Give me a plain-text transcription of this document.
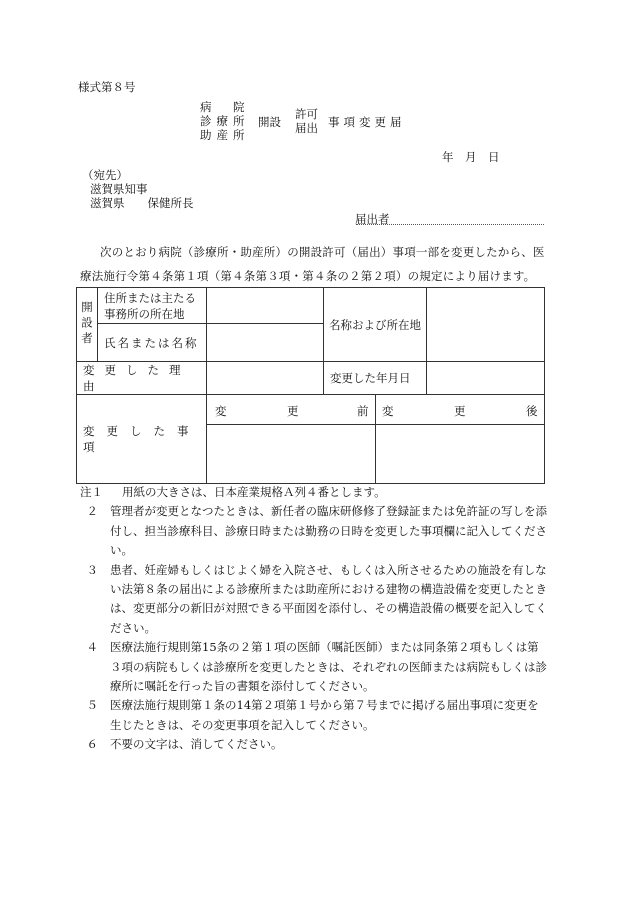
様式第８号
病　院
診療所
助産所
開設
許可
届出 事項変更届
年　月　日
（宛先）
滋賀県知事
滋賀県　　保健所長
届出者
次のとおり病院（診療所・助産所）の開設許可（届出）事項一部を変更したから、医
療法施行令第４条第１項（第４条第３項・第４条の２第２項）の規定により届けます。
開設者	住所または主たる事務所の所在地		名称および所在地		
	氏名または名称				
変更した理由			変更した年月日		
変更した事項		変 更 前		変 更 後	

注１	用紙の大きさは、日本産業規格Ａ列４番とします。
２	管理者が変更となつたときは、新任者の臨床研修修了登録証または免許証の写しを添付し、担当診療科目、診療日時または勤務の日時を変更した事項欄に記入してください。
３	患者、妊産婦もしくはじよく婦を入院させ、もしくは入所させるための施設を有しない法第８条の届出による診療所または助産所における建物の構造設備を変更したときは、変更部分の新旧が対照できる平面図を添付し、その構造設備の概要を記入してください。
４	医療法施行規則第15条の２第１項の医師（嘱託医師）または同条第２項もしくは第３項の病院もしくは診療所を変更したときは、それぞれの医師または病院もしくは診療所に嘱託を行った旨の書類を添付してください。
５	医療法施行規則第１条の14第２項第１号から第７号までに掲げる届出事項に変更を生じたときは、その変更事項を記入してください。
６	不要の文字は、消してください。
